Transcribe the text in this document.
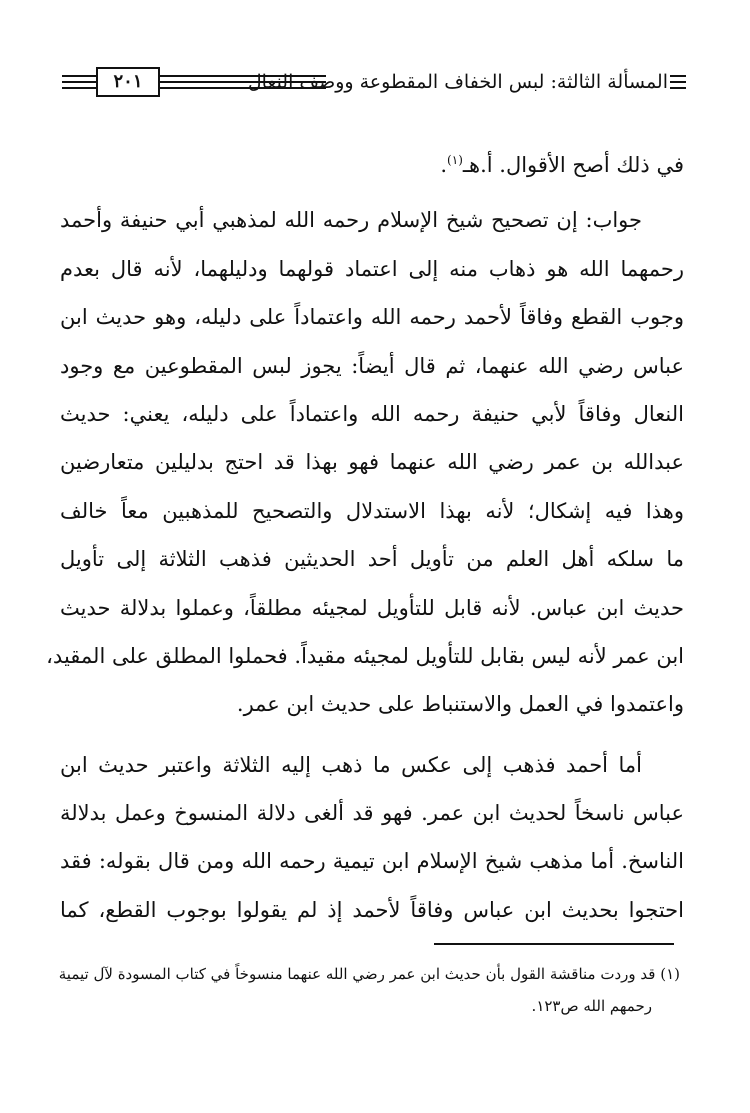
المسألة الثالثة: لبس الخفاف المقطوعة ووصف النعال
٢٠١
في ذلك أصح الأقوال. أ.هـ$^{(١)}$.
جواب: إن تصحيح شيخ الإسلام رحمه الله لمذهبي أبي حنيفة وأحمد
رحمهما الله هو ذهاب منه إلى اعتماد قولهما ودليلهما، لأنه قال بعدم
وجوب القطع وفاقاً لأحمد رحمه الله واعتماداً على دليله، وهو حديث ابن
عباس رضي الله عنهما، ثم قال أيضاً: يجوز لبس المقطوعين مع وجود
النعال وفاقاً لأبي حنيفة رحمه الله واعتماداً على دليله، يعني: حديث
عبدالله بن عمر رضي الله عنهما فهو بهذا قد احتج بدليلين متعارضين
وهذا فيه إشكال؛ لأنه بهذا الاستدلال والتصحيح للمذهبين معاً خالف
ما سلكه أهل العلم من تأويل أحد الحديثين فذهب الثلاثة إلى تأويل
حديث ابن عباس. لأنه قابل للتأويل لمجيئه مطلقاً، وعملوا بدلالة حديث
ابن عمر لأنه ليس بقابل للتأويل لمجيئه مقيداً. فحملوا المطلق على المقيد،
واعتمدوا في العمل والاستنباط على حديث ابن عمر.
أما أحمد فذهب إلى عكس ما ذهب إليه الثلاثة واعتبر حديث ابن
عباس ناسخاً لحديث ابن عمر. فهو قد ألغى دلالة المنسوخ وعمل بدلالة
الناسخ. أما مذهب شيخ الإسلام ابن تيمية رحمه الله ومن قال بقوله: فقد
احتجوا بحديث ابن عباس وفاقاً لأحمد إذ لم يقولوا بوجوب القطع، كما
(١) قد وردت مناقشة القول بأن حديث ابن عمر رضي الله عنهما منسوخاً في كتاب المسودة لآل تيمية
رحمهم الله ص١٢٣.
